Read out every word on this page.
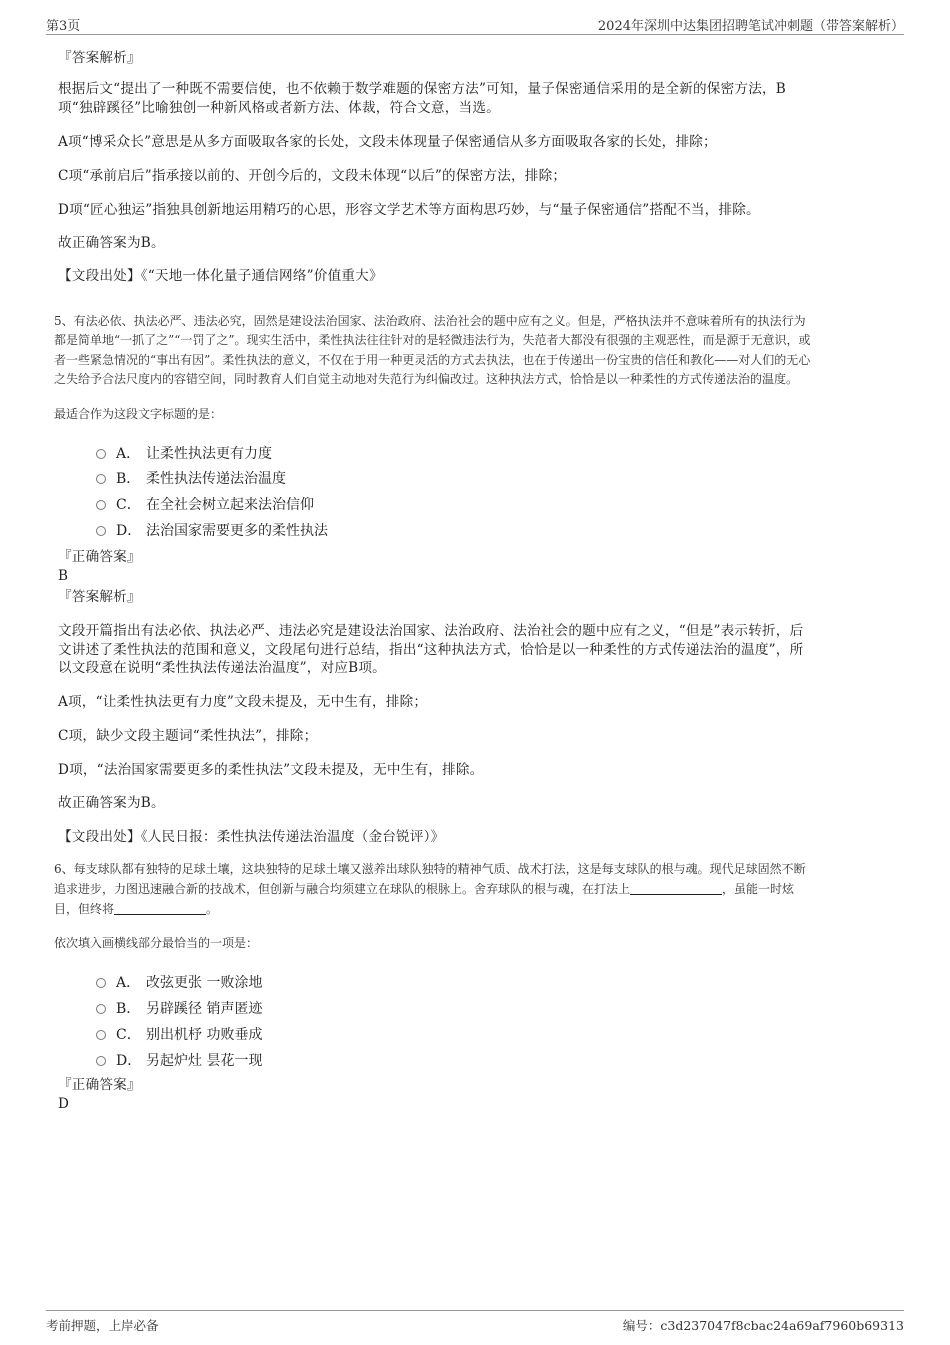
第3页	2024年深圳中达集团招聘笔试冲刺题（带答案解析）

『答案解析』

根据后文“提出了一种既不需要信使，也不依赖于数学难题的保密方法”可知，量子保密通信采用的是全新的保密方法，B

项“独辟蹊径”比喻独创一种新风格或者新方法、体裁，符合文意，当选。

A项“博采众长”意思是从多方面吸取各家的长处，文段未体现量子保密通信从多方面吸取各家的长处，排除；

C项“承前启后”指承接以前的、开创今后的，文段未体现“以后”的保密方法，排除；

D项“匠心独运”指独具创新地运用精巧的心思，形容文学艺术等方面构思巧妙，与“量子保密通信”搭配不当，排除。

故正确答案为B。

【文段出处】《“天地一体化量子通信网络”价值重大》

5、有法必依、执法必严、违法必究，固然是建设法治国家、法治政府、法治社会的题中应有之义。但是，严格执法并不意味着所有的执法行为

都是简单地“一抓了之”“一罚了之”。现实生活中，柔性执法往往针对的是轻微违法行为，失范者大都没有很强的主观恶性，而是源于无意识，或

者一些紧急情况的“事出有因”。柔性执法的意义，不仅在于用一种更灵活的方式去执法，也在于传递出一份宝贵的信任和教化——对人们的无心

之失给予合法尺度内的容错空间，同时教育人们自觉主动地对失范行为纠偏改过。这种执法方式，恰恰是以一种柔性的方式传递法治的温度。

最适合作为这段文字标题的是：

A． 让柔性执法更有力度
B． 柔性执法传递法治温度
C． 在全社会树立起来法治信仰
D． 法治国家需要更多的柔性执法

『正确答案』

B

『答案解析』

文段开篇指出有法必依、执法必严、违法必究是建设法治国家、法治政府、法治社会的题中应有之义，“但是”表示转折，后

文讲述了柔性执法的范围和意义，文段尾句进行总结，指出“这种执法方式，恰恰是以一种柔性的方式传递法治的温度”，所

以文段意在说明“柔性执法传递法治温度”，对应B项。

A项，“让柔性执法更有力度”文段未提及，无中生有，排除；

C项，缺少文段主题词“柔性执法”，排除；

D项，“法治国家需要更多的柔性执法”文段未提及，无中生有，排除。

故正确答案为B。

【文段出处】《人民日报：柔性执法传递法治温度（金台锐评）》

6、每支球队都有独特的足球土壤，这块独特的足球土壤又滋养出球队独特的精神气质、战术打法，这是每支球队的根与魂。现代足球固然不断

追求进步，力图迅速融合新的技战术，但创新与融合均须建立在球队的根脉上。舍弃球队的根与魂，在打法上	，虽能一时炫

目，但终将	。

依次填入画横线部分最恰当的一项是：

A． 改弦更张 一败涂地
B． 另辟蹊径 销声匿迹
C． 别出机杼 功败垂成
D． 另起炉灶 昙花一现

『正确答案』

D

考前押题，上岸必备	编号：c3d237047f8cbac24a69af7960b69313
